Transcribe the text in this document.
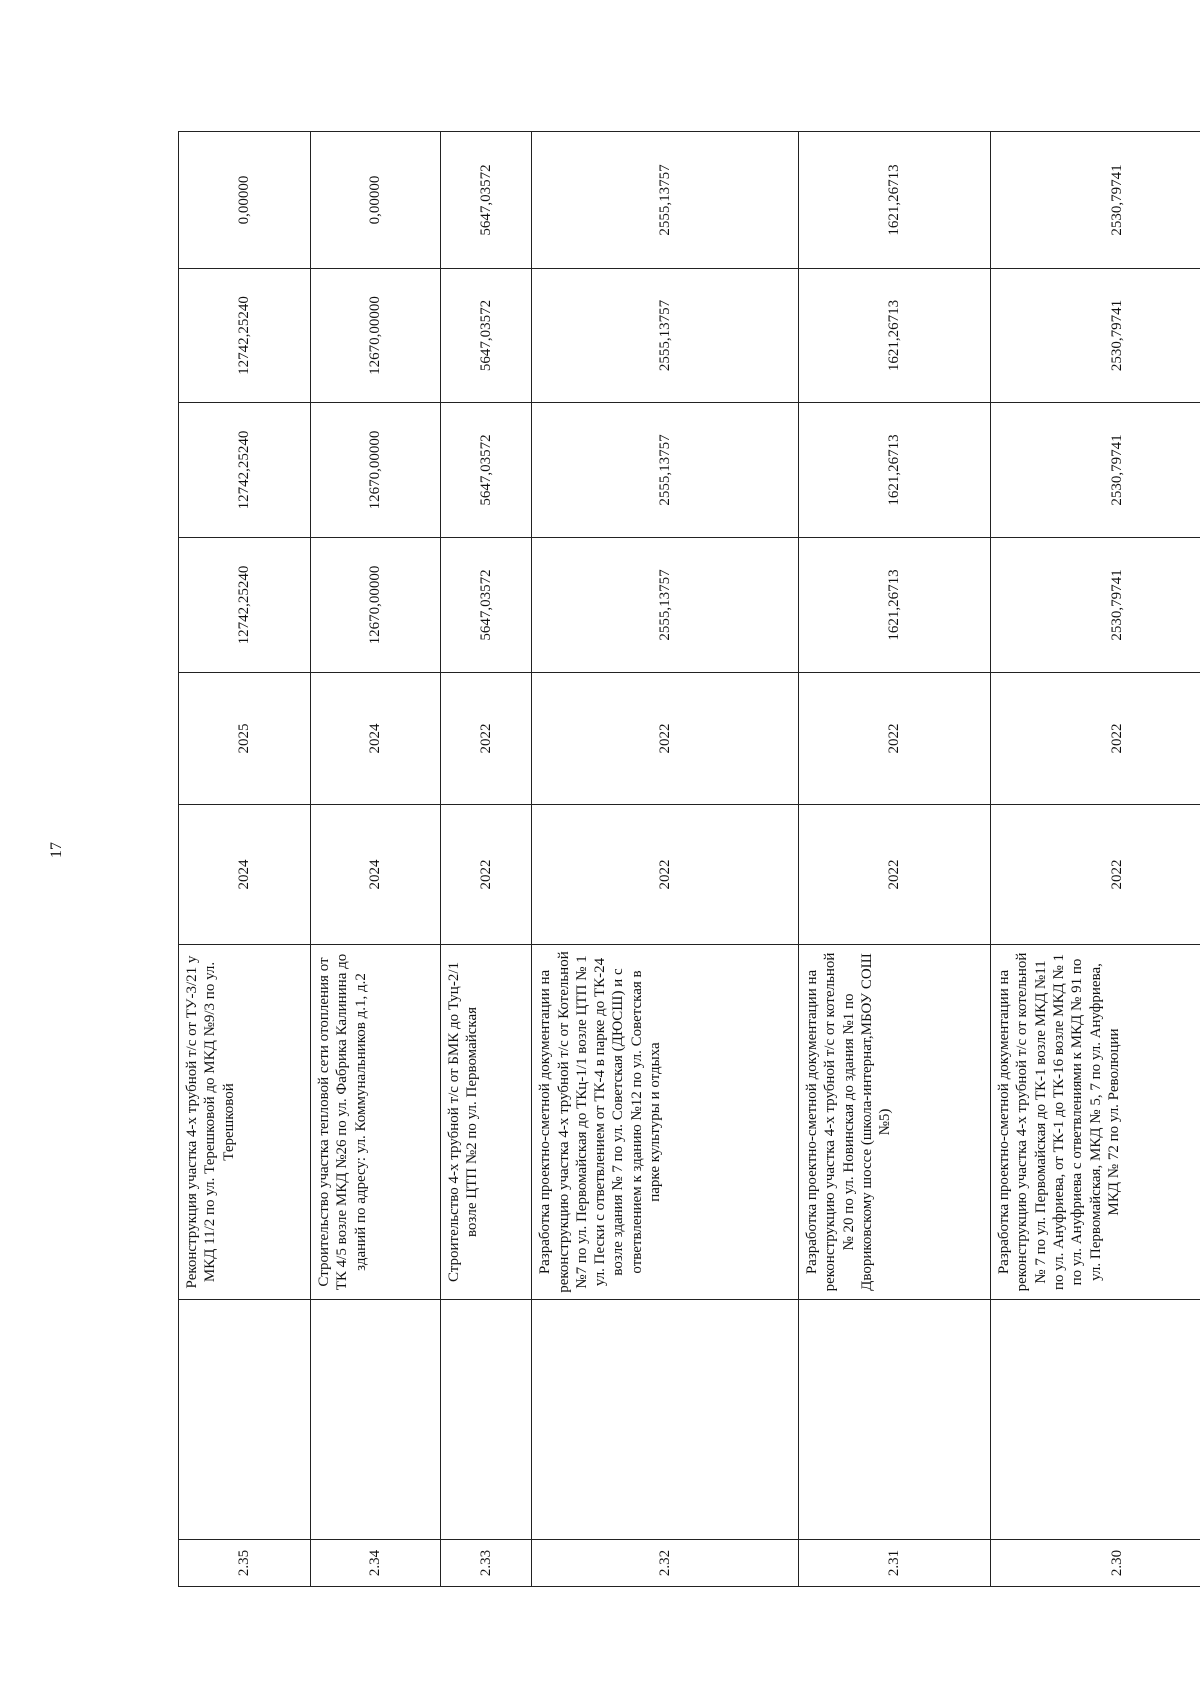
17
2.35		Реконструкция участка 4-х трубной т/с от ТУ-3/21 у МКД 11/2 по ул. Терешковой до МКД №9/3 по ул. Терешковой	2024	2025	12742,25240	12742,25240	12742,25240	0,00000
2.34		Строительство участка тепловой сети отопления от ТК 4/5 возле МКД №26 по ул. Фабрика Калинина до зданий по адресу: ул. Коммунальников д.1, д.2	2024	2024	12670,00000	12670,00000	12670,00000	0,00000
2.33		Строительство 4-х трубной т/с от БМК до Туц-2/1 возле ЦТП №2 по ул. Первомайская	2022	2022	5647,03572	5647,03572	5647,03572	5647,03572
2.32		Разработка проектно-сметной документации на реконструкцию участка 4-х трубной т/с от Котельной №7 по ул. Первомайская до ТКц-1/1 возле ЦТП № 1 ул. Пески с ответвлением от ТК-4 в парке до ТК-24 возле здания № 7 по ул. Советская (ДЮСШ) и с ответвлением к зданию №12 по ул. Советская в парке культуры и отдыха	2022	2022	2555,13757	2555,13757	2555,13757	2555,13757
2.31		Разработка проектно-сметной документации на реконструкцию участка 4-х трубной т/с от котельной № 20 по ул. Новинская до здания №1 по Двориковскому шоссе (школа-интернат,МБОУ СОШ №5)	2022	2022	1621,26713	1621,26713	1621,26713	1621,26713
2.30		Разработка проектно-сметной документации на реконструкцию участка 4-х трубной т/с от котельной № 7 по ул. Первомайская до ТК-1 возле МКД №11 по ул. Ануфриева, от ТК-1 до ТК-16 возле МКД № 1 по ул. Ануфриева с ответвлениями к МКД № 91 по ул. Первомайская, МКД № 5, 7 по ул. Ануфриева, МКД № 72 по ул. Революции	2022	2022	2530,79741	2530,79741	2530,79741	2530,79741
